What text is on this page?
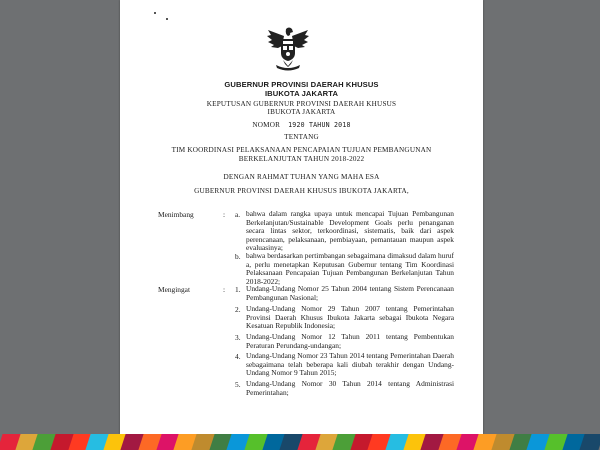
GUBERNUR PROVINSI DAERAH KHUSUS
IBUKOTA JAKARTA
KEPUTUSAN GUBERNUR PROVINSI DAERAH KHUSUS
IBUKOTA JAKARTA
NOMOR 1920 TAHUN 2018
TENTANG
TIM KOORDINASI PELAKSANAAN PENCAPAIAN TUJUAN PEMBANGUNAN
BERKELANJUTAN TAHUN 2018-2022
DENGAN RAHMAT TUHAN YANG MAHA ESA
GUBERNUR PROVINSI DAERAH KHUSUS IBUKOTA JAKARTA,
Menimbang	: a. bahwa dalam rangka upaya untuk mencapai Tujuan Pembangunan Berkelanjutan/Sustainable Development Goals perlu penanganan secara lintas sektor, terkoordinasi, sistematis, baik dari aspek perencanaan, pelaksanaan, pembiayaan, pemantauan maupun aspek evaluasinya;
b. bahwa berdasarkan pertimbangan sebagaimana dimaksud dalam huruf a, perlu menetapkan Keputusan Gubernur tentang Tim Koordinasi Pelaksanaan Pencapaian Tujuan Pembangunan Berkelanjutan Tahun 2018-2022;
Mengingat	: 1. Undang-Undang Nomor 25 Tahun 2004 tentang Sistem Perencanaan Pembangunan Nasional;
2. Undang-Undang Nomor 29 Tahun 2007 tentang Pemerintahan Provinsi Daerah Khusus Ibukota Jakarta sebagai Ibukota Negara Kesatuan Republik Indonesia;
3. Undang-Undang Nomor 12 Tahun 2011 tentang Pembentukan Peraturan Perundang-undangan;
4. Undang-Undang Nomor 23 Tahun 2014 tentang Pemerintahan Daerah sebagaimana telah beberapa kali diubah terakhir dengan Undang-Undang Nomor 9 Tahun 2015;
5. Undang-Undang Nomor 30 Tahun 2014 tentang Administrasi Pemerintahan;
